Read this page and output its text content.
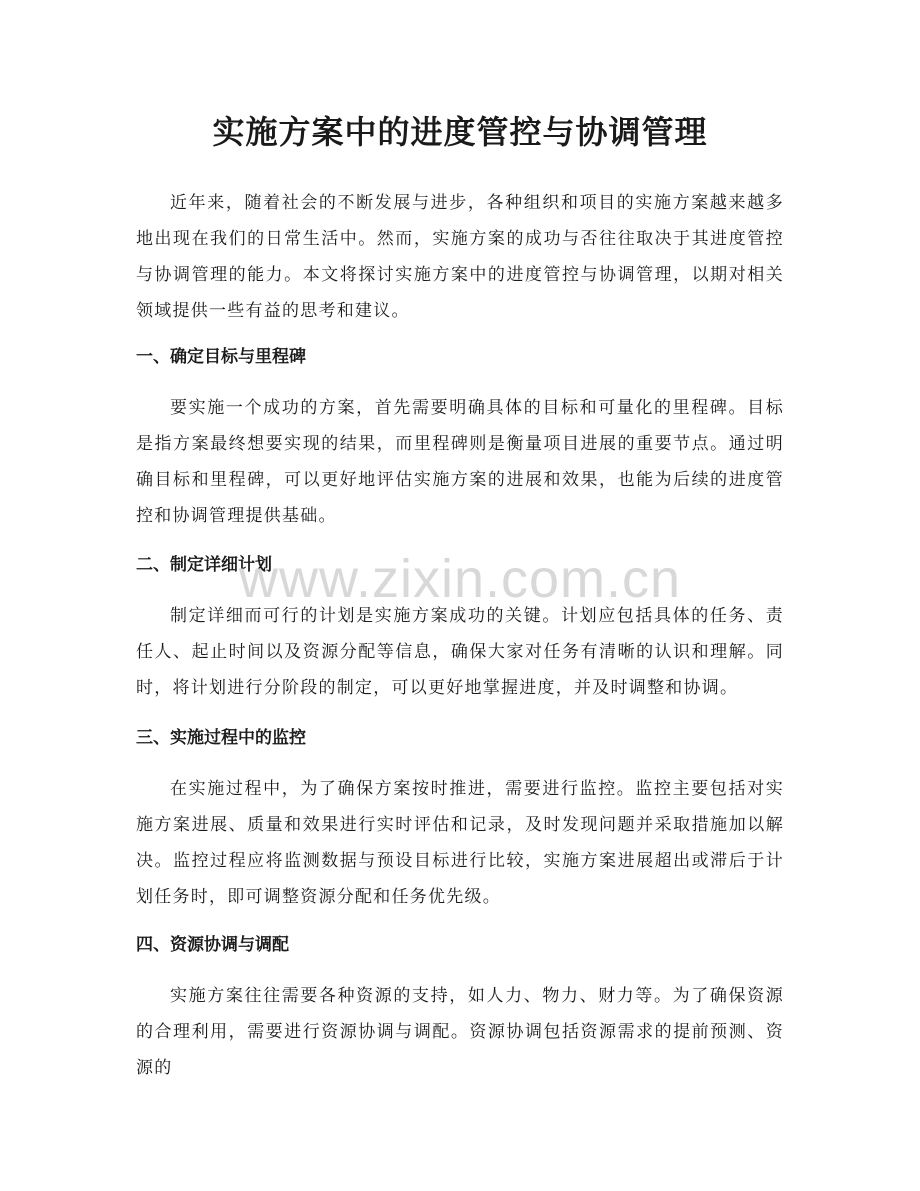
实施方案中的进度管控与协调管理

近年来，随着社会的不断发展与进步，各种组织和项目的实施方案越来越多地出现在我们的日常生活中。然而，实施方案的成功与否往往取决于其进度管控与协调管理的能力。本文将探讨实施方案中的进度管控与协调管理，以期对相关领域提供一些有益的思考和建议。

一、确定目标与里程碑

要实施一个成功的方案，首先需要明确具体的目标和可量化的里程碑。目标是指方案最终想要实现的结果，而里程碑则是衡量项目进展的重要节点。通过明确目标和里程碑，可以更好地评估实施方案的进展和效果，也能为后续的进度管控和协调管理提供基础。

二、制定详细计划

制定详细而可行的计划是实施方案成功的关键。计划应包括具体的任务、责任人、起止时间以及资源分配等信息，确保大家对任务有清晰的认识和理解。同时，将计划进行分阶段的制定，可以更好地掌握进度，并及时调整和协调。

三、实施过程中的监控

在实施过程中，为了确保方案按时推进，需要进行监控。监控主要包括对实施方案进展、质量和效果进行实时评估和记录，及时发现问题并采取措施加以解决。监控过程应将监测数据与预设目标进行比较，实施方案进展超出或滞后于计划任务时，即可调整资源分配和任务优先级。

四、资源协调与调配

实施方案往往需要各种资源的支持，如人力、物力、财力等。为了确保资源的合理利用，需要进行资源协调与调配。资源协调包括资源需求的提前预测、资源的

www.zixin.com.cn
